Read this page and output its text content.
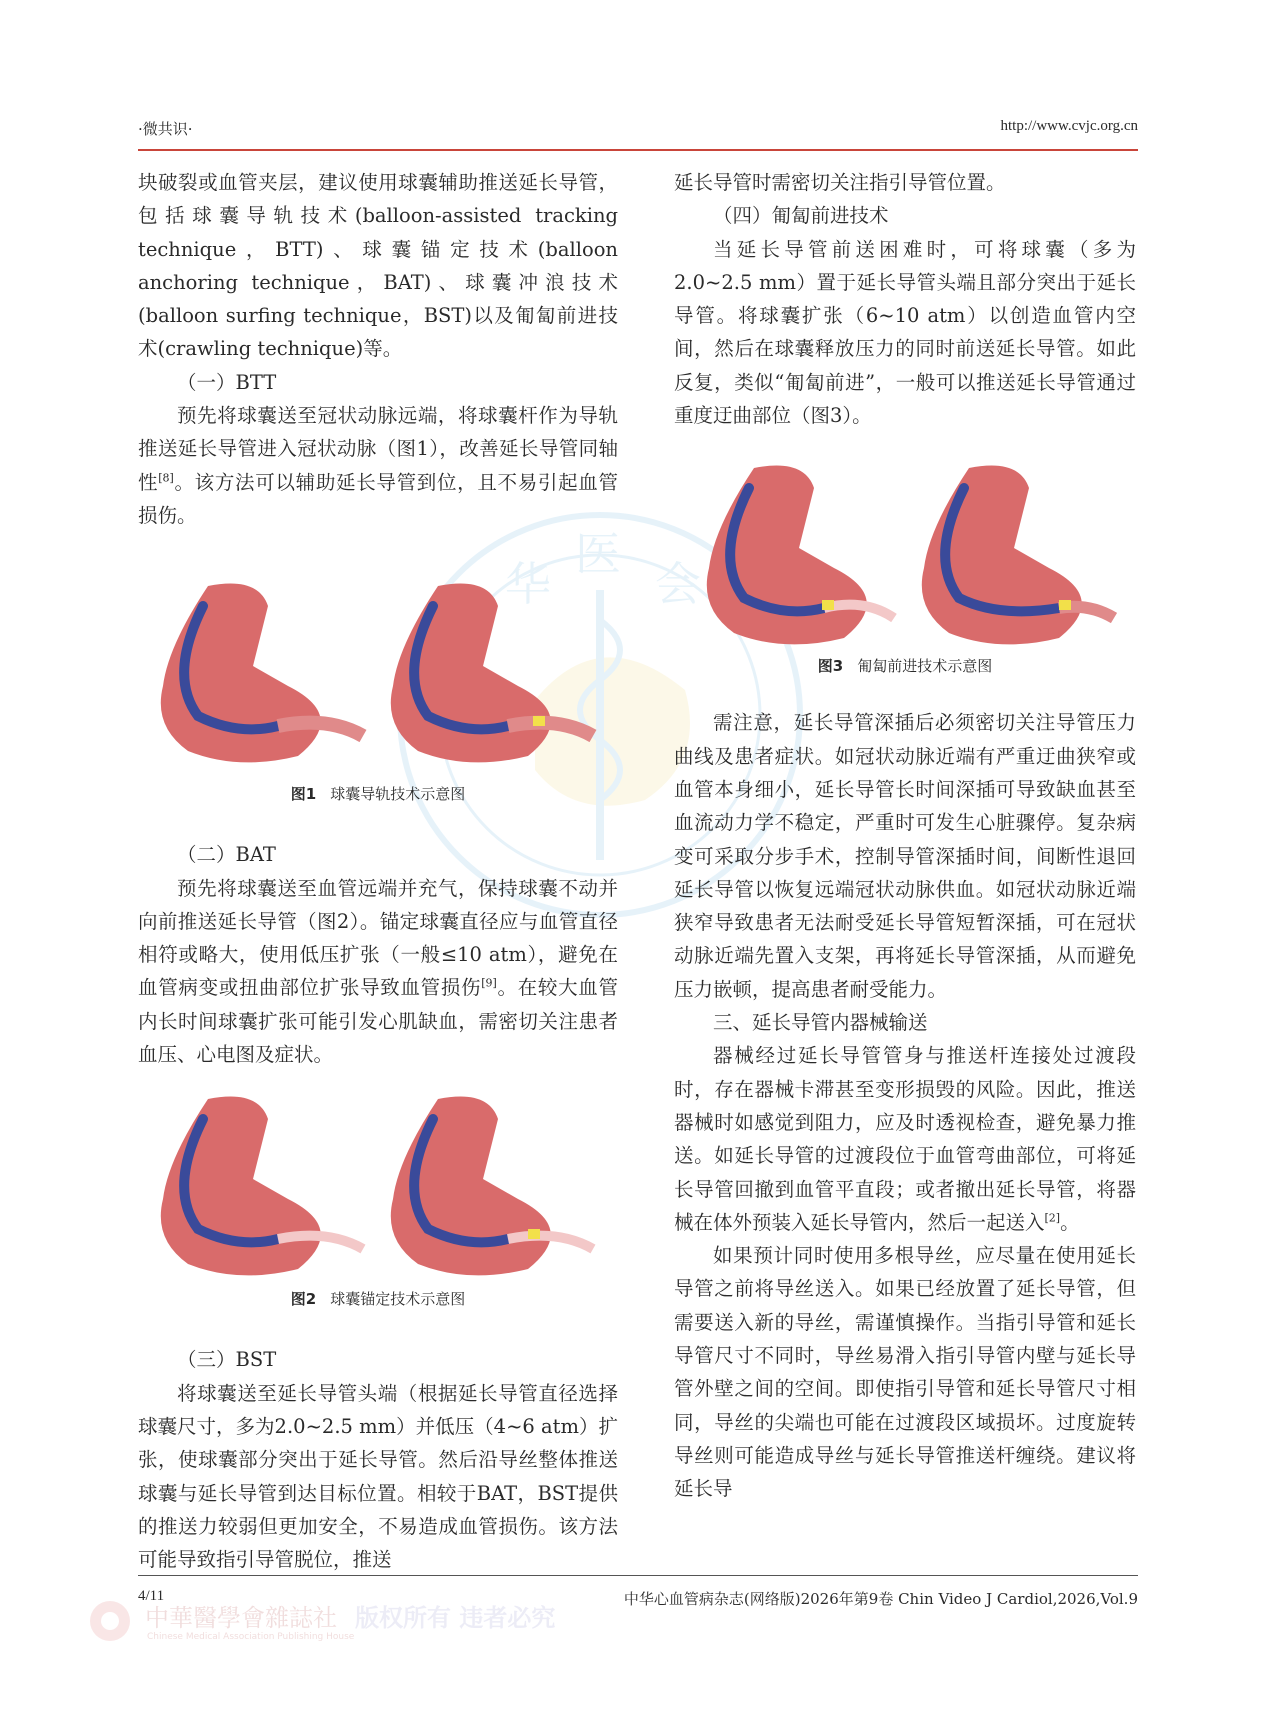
华
医
会
·微共识·	http://www.cvjc.org.cn

块破裂或血管夹层，建议使用球囊辅助推送延长导管，包括球囊导轨技术(balloon-assisted tracking technique，BTT)、球囊锚定技术(balloon anchoring technique，BAT)、球囊冲浪技术(balloon surfing technique，BST)以及匍匐前进技术(crawling technique)等。

（一）BTT

预先将球囊送至冠状动脉远端，将球囊杆作为导轨推送延长导管进入冠状动脉（图1），改善延长导管同轴性[8]。该方法可以辅助延长导管到位，且不易引起血管损伤。

图1 球囊导轨技术示意图

（二）BAT

预先将球囊送至血管远端并充气，保持球囊不动并向前推送延长导管（图2）。锚定球囊直径应与血管直径相符或略大，使用低压扩张（一般≤10 atm），避免在血管病变或扭曲部位扩张导致血管损伤[9]。在较大血管内长时间球囊扩张可能引发心肌缺血，需密切关注患者血压、心电图及症状。

图2 球囊锚定技术示意图

（三）BST

将球囊送至延长导管头端（根据延长导管直径选择球囊尺寸，多为2.0~2.5 mm）并低压（4~6 atm）扩张，使球囊部分突出于延长导管。然后沿导丝整体推送球囊与延长导管到达目标位置。相较于BAT，BST提供的推送力较弱但更加安全，不易造成血管损伤。该方法可能导致指引导管脱位，推送

延长导管时需密切关注指引导管位置。

（四）匍匐前进技术

当延长导管前送困难时，可将球囊（多为2.0~2.5 mm）置于延长导管头端且部分突出于延长导管。将球囊扩张（6~10 atm）以创造血管内空间，然后在球囊释放压力的同时前送延长导管。如此反复，类似“匍匐前进”，一般可以推送延长导管通过重度迂曲部位（图3）。

图3 匍匐前进技术示意图

需注意，延长导管深插后必须密切关注导管压力曲线及患者症状。如冠状动脉近端有严重迂曲狭窄或血管本身细小，延长导管长时间深插可导致缺血甚至血流动力学不稳定，严重时可发生心脏骤停。复杂病变可采取分步手术，控制导管深插时间，间断性退回延长导管以恢复远端冠状动脉供血。如冠状动脉近端狭窄导致患者无法耐受延长导管短暂深插，可在冠状动脉近端先置入支架，再将延长导管深插，从而避免压力嵌顿，提高患者耐受能力。

三、延长导管内器械输送

器械经过延长导管管身与推送杆连接处过渡段时，存在器械卡滞甚至变形损毁的风险。因此，推送器械时如感觉到阻力，应及时透视检查，避免暴力推送。如延长导管的过渡段位于血管弯曲部位，可将延长导管回撤到血管平直段；或者撤出延长导管，将器械在体外预装入延长导管内，然后一起送入[2]。

如果预计同时使用多根导丝，应尽量在使用延长导管之前将导丝送入。如果已经放置了延长导管，但需要送入新的导丝，需谨慎操作。当指引导管和延长导管尺寸不同时，导丝易滑入指引导管内壁与延长导管外壁之间的空间。即使指引导管和延长导管尺寸相同，导丝的尖端也可能在过渡段区域损坏。过度旋转导丝则可能造成导丝与延长导管推送杆缠绕。建议将延长导

4/11	中华心血管病杂志(网络版)2026年第9卷 Chin Video J Cardiol,2026,Vol.9
中華醫學會雜誌社
Chinese Medical Association Publishing House
版权所有 违者必究
